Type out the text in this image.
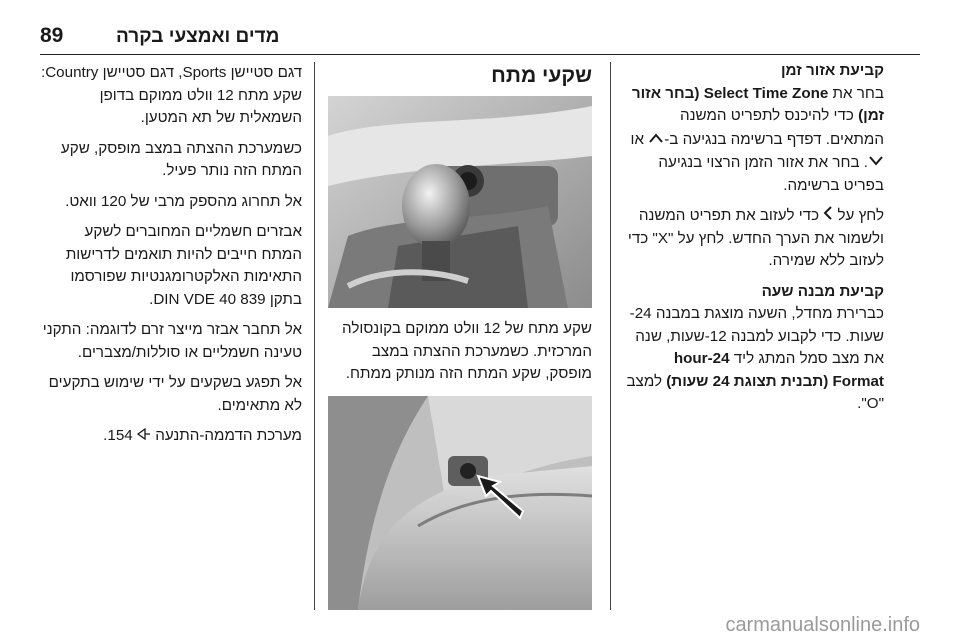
89	מדים ואמצעי בקרה
קביעת אזור זמן

בחר את Select Time Zone (בחר אזור זמן) כדי להיכנס לתפריט המשנה המתאים. דפדף ברשימה בנגיעה ב- או . בחר את אזור הזמן הרצוי בנגיעה בפריט ברשימה.

לחץ על  כדי לעזוב את תפריט המשנה ולשמור את הערך החדש. לחץ על "X" כדי לעזוב ללא שמירה.

קביעת מבנה שעה

כברירת מחדל, השעה מוצגת במבנה 24-שעות. כדי לקבוע למבנה 12-שעות, שנה את מצב סמל המתג ליד 24-hour Format (תבנית תצוגת 24 שעות) למצב "O".

שקעי מתח

שקע מתח של 12 וולט ממוקם בקונסולה המרכזית. כשמערכת ההצתה במצב מופסק, שקע המתח הזה מנותק ממתח.

דגם סטיישן Sports, דגם סטיישן Country: שקע מתח 12 וולט ממוקם בדופן השמאלית של תא המטען.

כשמערכת ההצתה במצב מופסק, שקע המתח הזה נותר פעיל.

אל תחרוג מהספק מרבי של 120 וואט.

אבזרים חשמליים המחוברים לשקע המתח חייבים להיות תואמים לדרישות התאימות האלקטרומגנטיות שפורסמו בתקן DIN VDE 40 839.

אל תחבר אבזר מייצר זרם לדוגמה: התקני טעינה חשמליים או סוללות/מצברים.

אל תפגע בשקעים על ידי שימוש בתקעים לא מתאימים.

מערכת הדממה-התנעה  154.

carmanualsonline.info
